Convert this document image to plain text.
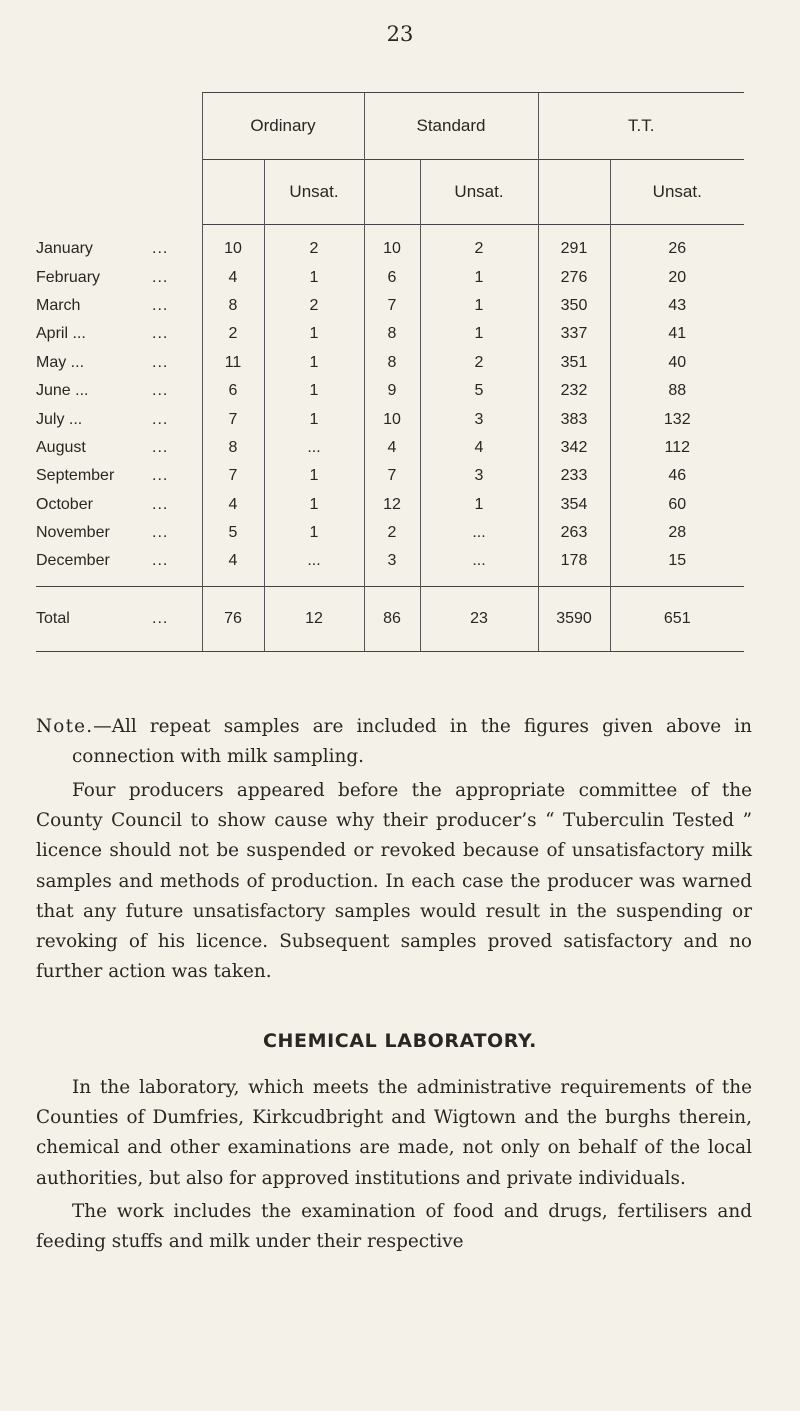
23
	Ordinary		Standard		T.T.	
		Unsat.		Unsat.		Unsat.
January ...	10	2	10	2	291	26
February ...	4	1	6	1	276	20
March ...	8	2	7	1	350	43
April ... ...	2	1	8	1	337	41
May ... ...	11	1	8	2	351	40
June ... ...	6	1	9	5	232	88
July ... ...	7	1	10	3	383	132
August ...	8	...	4	4	342	112
September ...	7	1	7	3	233	46
October ...	4	1	12	1	354	60
November ...	5	1	2	...	263	28
December ...	4	...	3	...	178	15
Total ...	76	12	86	23	3590	651

Note.—All repeat samples are included in the figures given above in connection with milk sampling.

Four producers appeared before the appropriate committee of the County Council to show cause why their producer’s “ Tuberculin Tested ” licence should not be suspended or revoked because of unsatisfactory milk samples and methods of production. In each case the producer was warned that any future unsatisfactory samples would result in the suspending or revoking of his licence. Subsequent samples proved satisfactory and no further action was taken.

CHEMICAL LABORATORY.

In the laboratory, which meets the administrative requirements of the Counties of Dumfries, Kirkcudbright and Wigtown and the burghs therein, chemical and other examinations are made, not only on behalf of the local authorities, but also for approved institutions and private individuals.

The work includes the examination of food and drugs, fertilisers and feeding stuffs and milk under their respective
